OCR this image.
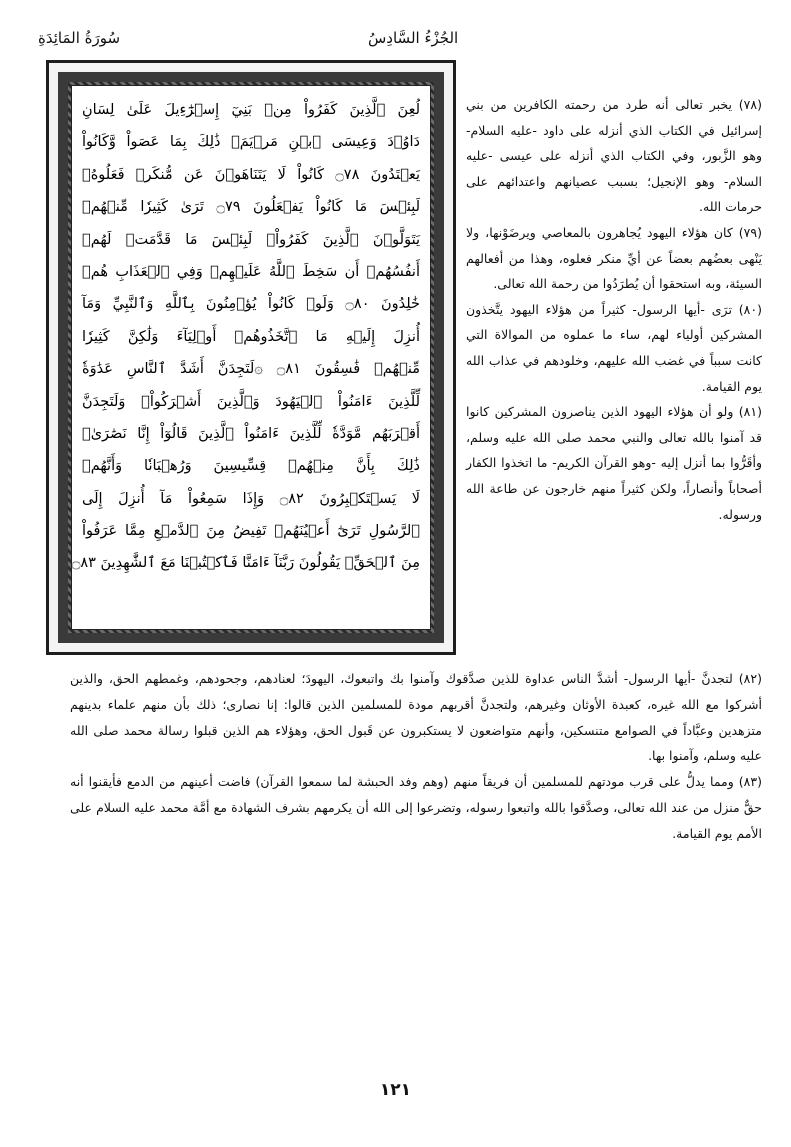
سُورَةُ المَائِدَةِ	الجُزْءُ السَّادِسُ
لُعِنَ ٱلَّذِينَ كَفَرُواْ مِنۢ بَنِيٓ إِسۡرَٰٓءِيلَ عَلَىٰ لِسَانِ
دَاوُۥدَ وَعِيسَى ٱبۡنِ مَرۡيَمَۚ ذَٰلِكَ بِمَا عَصَواْ وَّكَانُواْ
يَعۡتَدُونَ ۝٧٨ كَانُواْ لَا يَتَنَاهَوۡنَ عَن مُّنكَرٖ فَعَلُوهُۚ
لَبِئۡسَ مَا كَانُواْ يَفۡعَلُونَ ۝٧٩ تَرَىٰ كَثِيرٗا مِّنۡهُمۡ
يَتَوَلَّوۡنَ ٱلَّذِينَ كَفَرُواْۚ لَبِئۡسَ مَا قَدَّمَتۡ لَهُمۡ
أَنفُسُهُمۡ أَن سَخِطَ ٱللَّهُ عَلَيۡهِمۡ وَفِي ٱلۡعَذَابِ هُمۡ
خَٰلِدُونَ ۝٨٠ وَلَوۡ كَانُواْ يُؤۡمِنُونَ بِٱللَّهِ وَٱلنَّبِيِّ وَمَآ
أُنزِلَ إِلَيۡهِ مَا ٱتَّخَذُوهُمۡ أَوۡلِيَآءَ وَلَٰكِنَّ كَثِيرٗا
مِّنۡهُمۡ فَٰسِقُونَ ۝٨١ ۞لَتَجِدَنَّ أَشَدَّ ٱلنَّاسِ عَدَٰوَةٗ
لِّلَّذِينَ ءَامَنُواْ ٱلۡيَهُودَ وَٱلَّذِينَ أَشۡرَكُواْۖ وَلَتَجِدَنَّ
أَقۡرَبَهُم مَّوَدَّةٗ لِّلَّذِينَ ءَامَنُواْ ٱلَّذِينَ قَالُوٓاْ إِنَّا نَصَٰرَىٰۚ
ذَٰلِكَ بِأَنَّ مِنۡهُمۡ قِسِّيسِينَ وَرُهۡبَانٗا وَأَنَّهُمۡ
لَا يَسۡتَكۡبِرُونَ ۝٨٢ وَإِذَا سَمِعُواْ مَآ أُنزِلَ إِلَى
ٱلرَّسُولِ تَرَىٰٓ أَعۡيُنَهُمۡ تَفِيضُ مِنَ ٱلدَّمۡعِ مِمَّا عَرَفُواْ
مِنَ ٱلۡحَقِّۖ يَقُولُونَ رَبَّنَآ ءَامَنَّا فَٱكۡتُبۡنَا مَعَ ٱلشَّٰهِدِينَ ۝٨٣

(٧٨) يخبر تعالى أنه طرد من رحمته الكافرين من بني إسرائيل في الكتاب الذي أنزله على داود -عليه السلام- وهو الزَّبور، وفي الكتاب الذي أنزله على عيسى -عليه السلام- وهو الإنجيل؛ بسبب عصيانهم واعتدائهم على حرمات الله.

(٧٩) كان هؤلاء اليهود يُجاهرون بالمعاصي ويرضَوْنها، ولا يَنْهى بعضُهم بعضاً عن أيِّ منكر فعلوه، وهذا من أفعالهم السيئة، وبه استحقوا أن يُطرَدُوا من رحمة الله تعالى.

(٨٠) ترَى -أيها الرسول- كثيراً من هؤلاء اليهود يتَّخذون المشركين أولياء لهم، ساء ما عملوه من الموالاة التي كانت سبباً في غضب الله عليهم، وخلودهم في عذاب الله يوم القيامة.

(٨١) ولو أن هؤلاء اليهود الذين يناصرون المشركين كانوا قد آمنوا بالله تعالى والنبي محمد صلى الله عليه وسلم، وأقَرُّوا بما أنزل إليه -وهو القرآن الكريم- ما اتخذوا الكفار أصحاباً وأنصاراً، ولكن كثيراً منهم خارجون عن طاعة الله ورسوله.

(٨٢) لتجدنَّ -أيها الرسول- أشدَّ الناس عداوة للذين صدَّقوك وآمنوا بك واتبعوك، اليهودَ؛ لعنادهم، وجحودهم، وغمطهم الحق، والذين أشركوا مع الله غيره، كعبدة الأوثان وغيرهم، ولتجدنَّ أقربهم مودة للمسلمين الذين قالوا: إنا نصارى؛ ذلك بأن منهم علماء بدينهم متزهدين وعبَّاداً في الصوامع متنسكين، وأنهم متواضعون لا يستكبرون عن قَبول الحق، وهؤلاء هم الذين قبلوا رسالة محمد صلى الله عليه وسلم، وآمنوا بها.

(٨٣) ومما يدلُّ على قرب مودتهم للمسلمين أن فريقاً منهم (وهم وفد الحبشة لما سمعوا القرآن) فاضت أعينهم من الدمع فأيقنوا أنه حقٌّ منزل من عند الله تعالى، وصدَّقوا بالله واتبعوا رسوله، وتضرعوا إلى الله أن يكرمهم بشرف الشهادة مع أمَّة محمد عليه السلام على الأمم يوم القيامة.

١٢١
